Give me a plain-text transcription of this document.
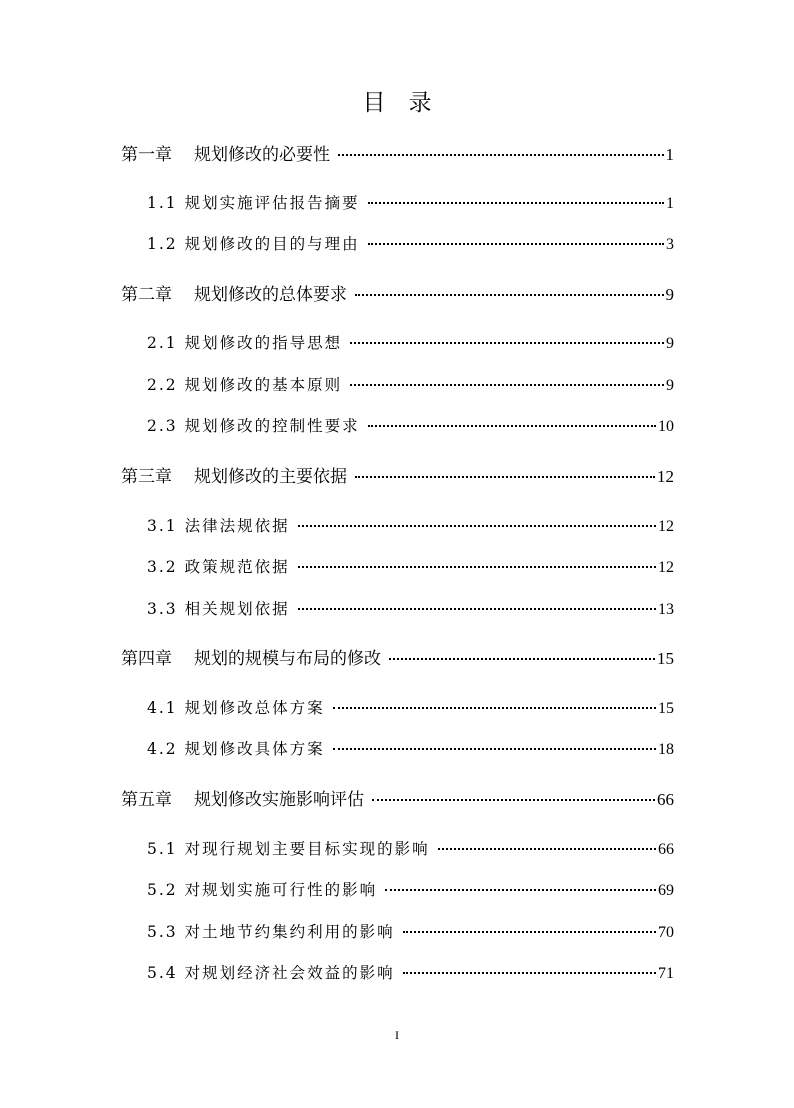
目　录
第一章 规划修改的必要性	1
1.1 规划实施评估报告摘要	1
1.2 规划修改的目的与理由	3
第二章 规划修改的总体要求	9
2.1 规划修改的指导思想	9
2.2 规划修改的基本原则	9
2.3 规划修改的控制性要求	10
第三章 规划修改的主要依据	12
3.1 法律法规依据	12
3.2 政策规范依据	12
3.3 相关规划依据	13
第四章 规划的规模与布局的修改	15
4.1 规划修改总体方案	15
4.2 规划修改具体方案	18
第五章 规划修改实施影响评估	66
5.1 对现行规划主要目标实现的影响	66
5.2 对规划实施可行性的影响	69
5.3 对土地节约集约利用的影响	70
5.4 对规划经济社会效益的影响	71
I
